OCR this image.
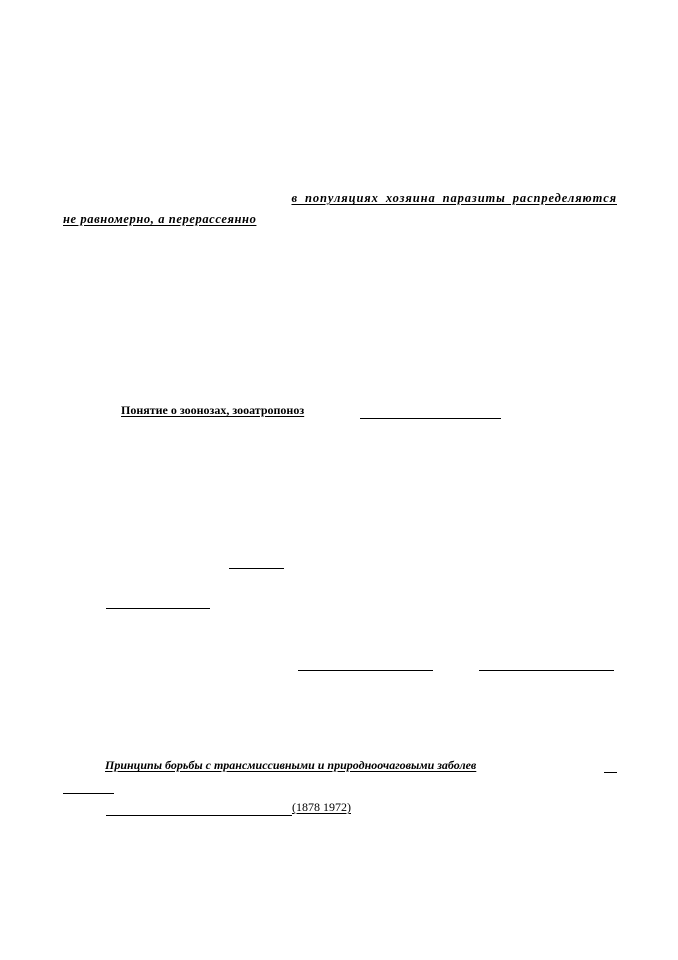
в популяциях хозяина паразиты распределяются
не равномерно, а перерассеянно
Понятие о зоонозах, зооатропоноз
Принципы борьбы с трансмиссивными и природноочаговыми заболев
(1878 1972)
